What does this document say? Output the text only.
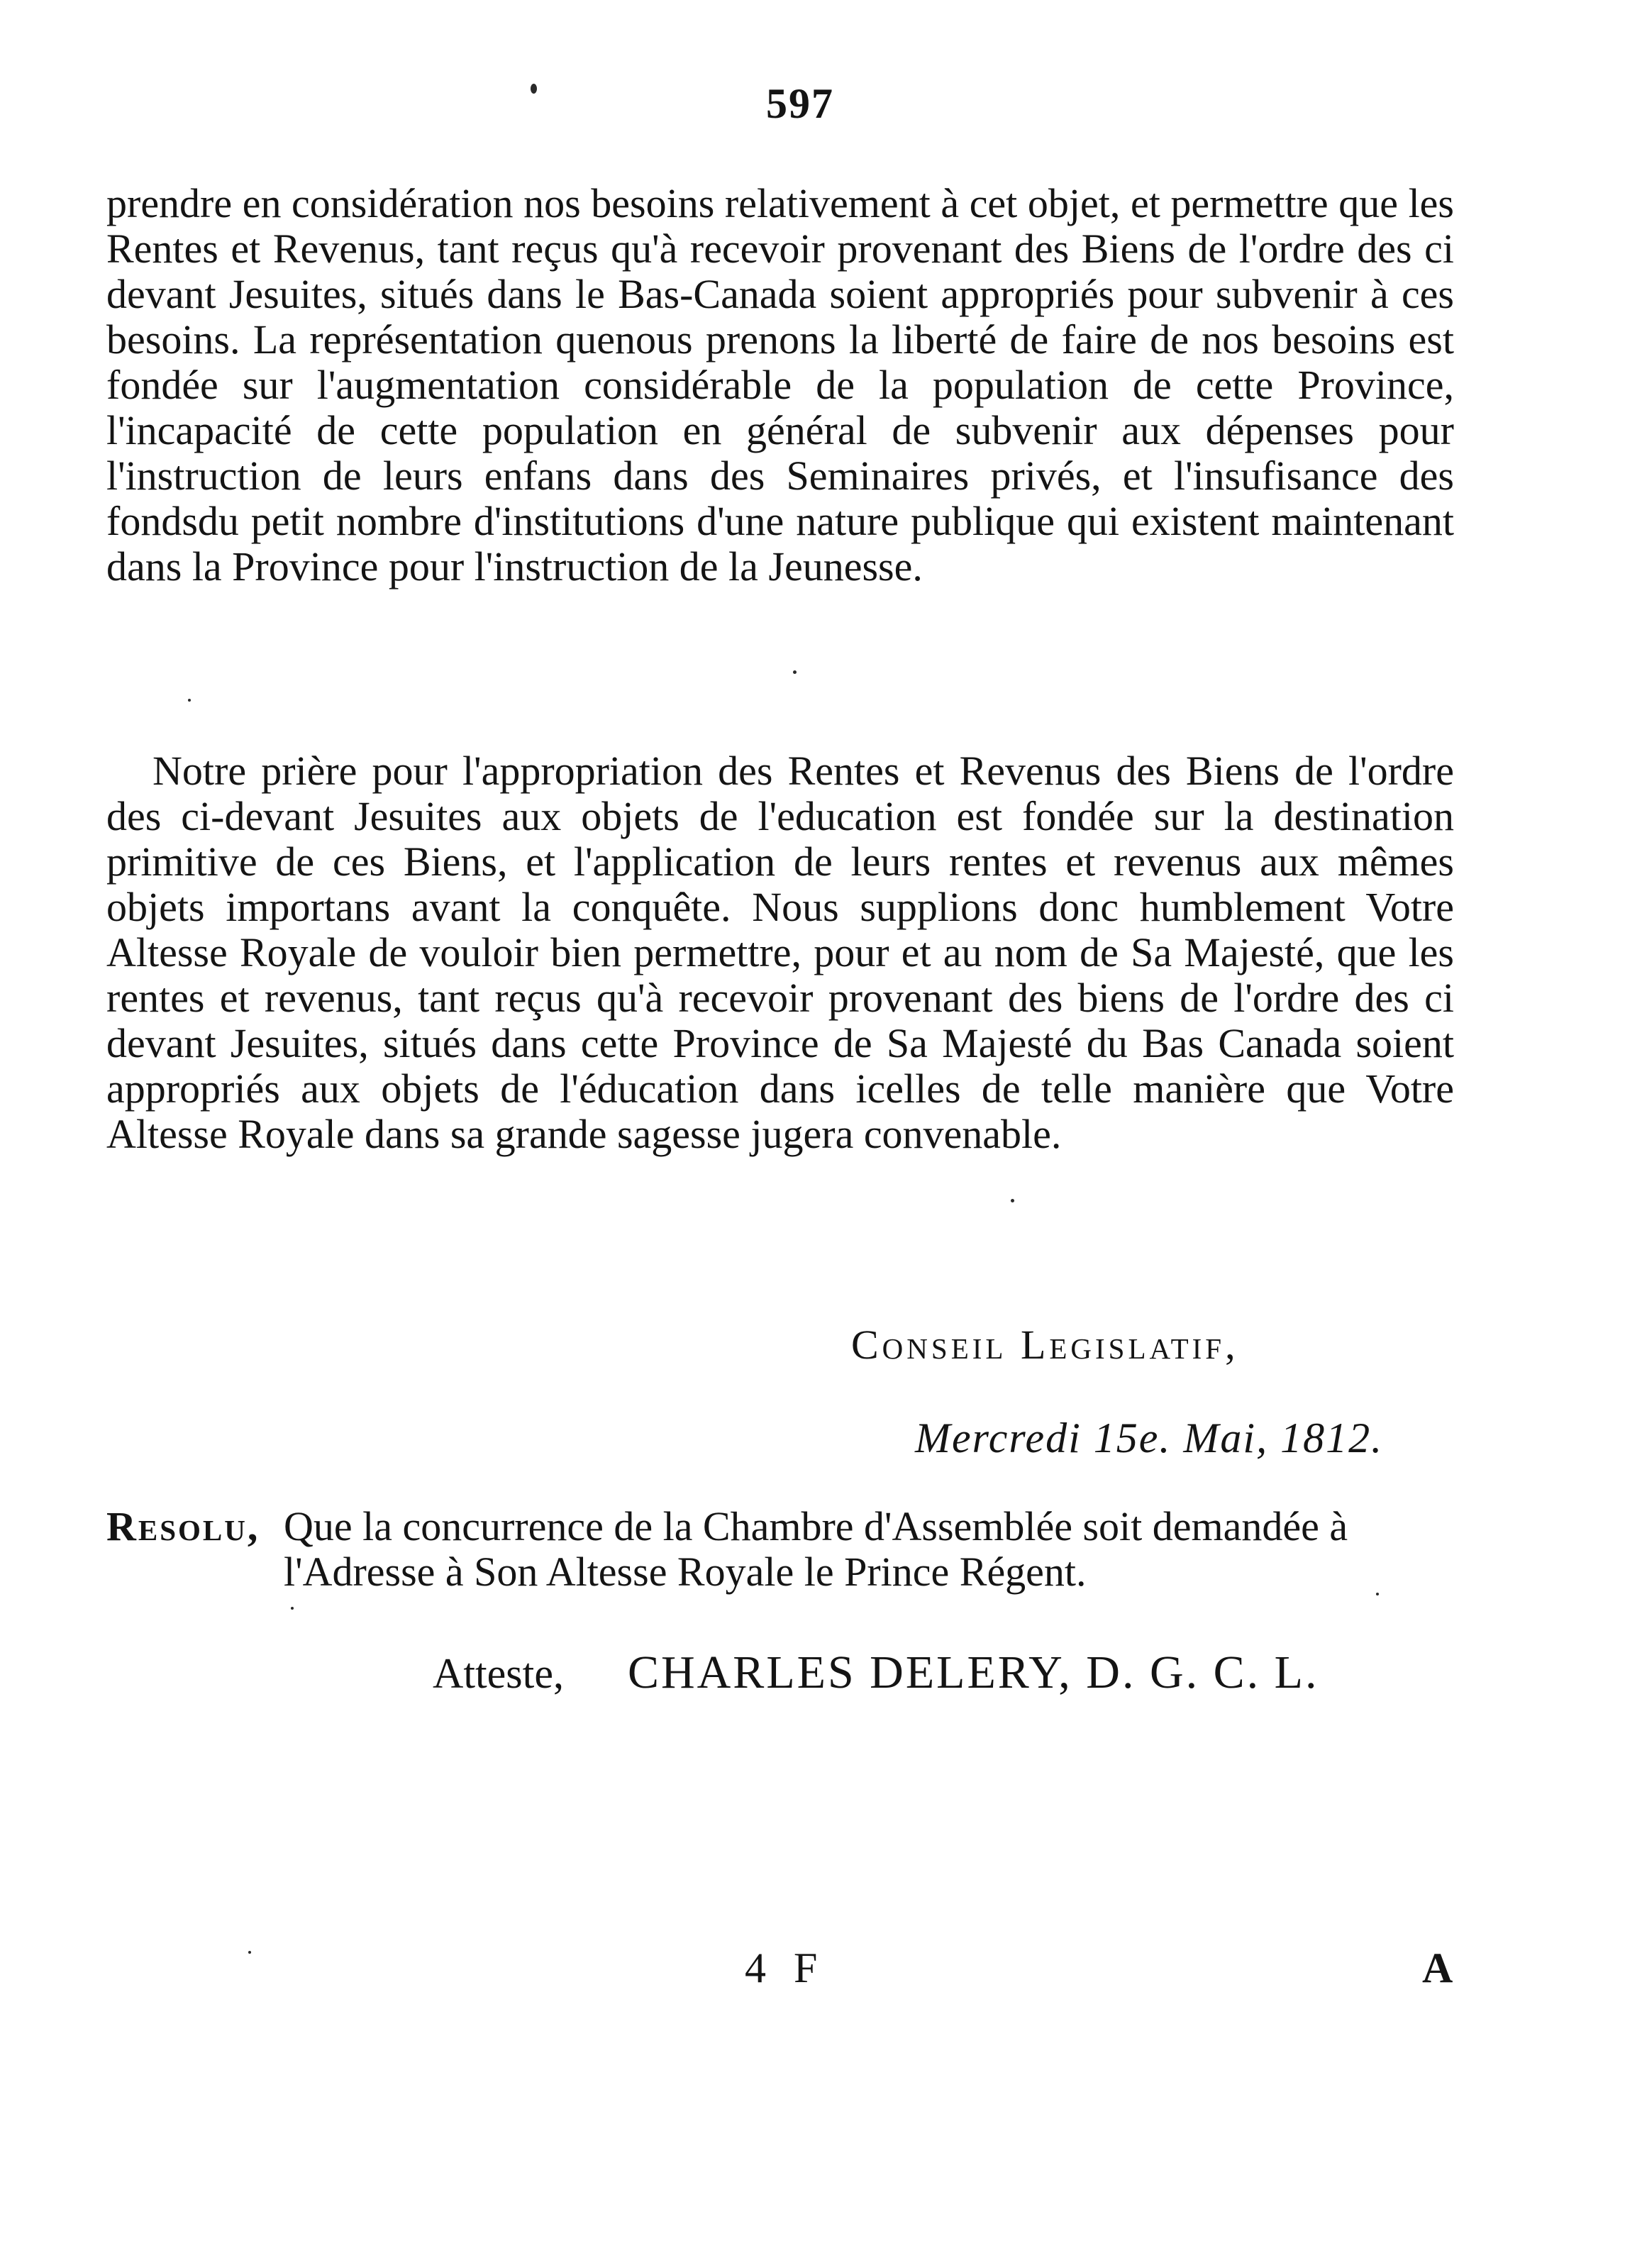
597

prendre en considération nos besoins relativement à cet objet, et permettre que les Rentes et Revenus, tant reçus qu'à recevoir provenant des Biens de l'ordre des ci devant Jesuites, situés dans le Bas-Canada soient appropriés pour subvenir à ces besoins. La représentation quenous prenons la liberté de faire de nos besoins est fondée sur l'augmentation considérable de la population de cette Province, l'incapacité de cette population en général de subvenir aux dépenses pour l'instruction de leurs enfans dans des Seminaires privés, et l'insufisance des fondsdu petit nombre d'institutions d'une nature publique qui existent maintenant dans la Province pour l'instruction de la Jeunesse.

Notre prière pour l'appropriation des Rentes et Revenus des Biens de l'ordre des ci-devant Jesuites aux objets de l'education est fondée sur la destination primitive de ces Biens, et l'application de leurs rentes et revenus aux mêmes objets importans avant la conquête. Nous supplions donc humblement Votre Altesse Royale de vouloir bien permettre, pour et au nom de Sa Majesté, que les rentes et revenus, tant reçus qu'à recevoir provenant des biens de l'ordre des ci devant Jesuites, situés dans cette Province de Sa Majesté du Bas Canada soient appropriés aux objets de l'éducation dans icelles de telle manière que Votre Altesse Royale dans sa grande sagesse jugera convenable.

Conseil Legislatif,
Mercredi 15e. Mai, 1812.
Resolu, Que la concurrence de la Chambre d'Assemblée soit demandée à l'Adresse à Son Altesse Royale le Prince Régent.
Atteste, CHARLES DELERY, D. G. C. L.
4 F	A
